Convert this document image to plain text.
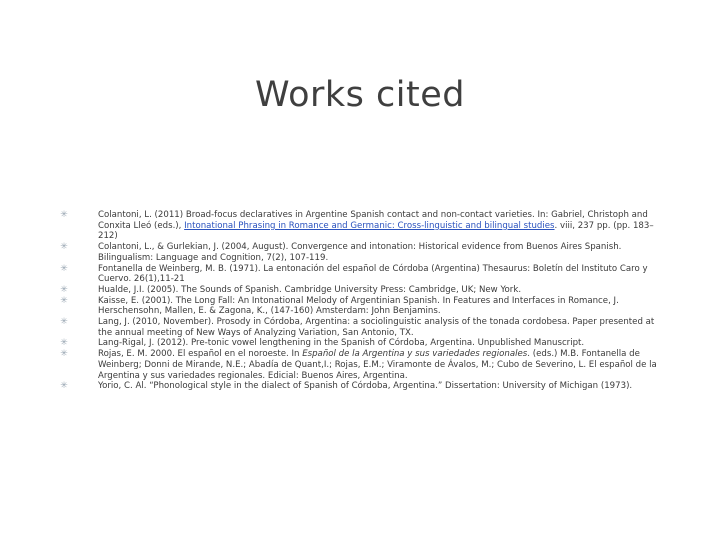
Works cited
✳	Colantoni, L. (2011) Broad-focus declaratives in Argentine Spanish contact and non-contact varieties. In: Gabriel, Christoph and Conxita Lleó (eds.), Intonational Phrasing in Romance and Germanic: Cross-linguistic and bilingual studies. viii, 237 pp. (pp. 183–212)
✳	Colantoni, L., & Gurlekian, J. (2004, August). Convergence and intonation: Historical evidence from Buenos Aires Spanish. Bilingualism: Language and Cognition, 7(2), 107-119.
✳	Fontanella de Weinberg, M. B. (1971). La entonación del español de Córdoba (Argentina) Thesaurus: Boletín del Instituto Caro y Cuervo. 26(1),11-21
✳	Hualde, J.I. (2005). The Sounds of Spanish. Cambridge University Press: Cambridge, UK; New York.
✳	Kaisse, E. (2001). The Long Fall: An Intonational Melody of Argentinian Spanish. In Features and Interfaces in Romance, J. Herschensohn, Mallen, E. & Zagona, K., (147-160) Amsterdam: John Benjamins.
✳	Lang, J. (2010, November). Prosody in Córdoba, Argentina: a sociolinguistic analysis of the tonada cordobesa. Paper presented at the annual meeting of New Ways of Analyzing Variation, San Antonio, TX.
✳	Lang-Rigal, J. (2012). Pre-tonic vowel lengthening in the Spanish of Córdoba, Argentina. Unpublished Manuscript.
✳	Rojas, E. M. 2000. El español en el noroeste. In Español de la Argentina y sus variedades regionales. (eds.) M.B. Fontanella de Weinberg; Donni de Mirande, N.E.; Abadía de Quant,I.; Rojas, E.M.; Viramonte de Ávalos, M.; Cubo de Severino, L. El español de la Argentina y sus variedades regionales. Edicial: Buenos Aires, Argentina.
✳	Yorio, C. Al. “Phonological style in the dialect of Spanish of Córdoba, Argentina.” Dissertation: University of Michigan (1973).
